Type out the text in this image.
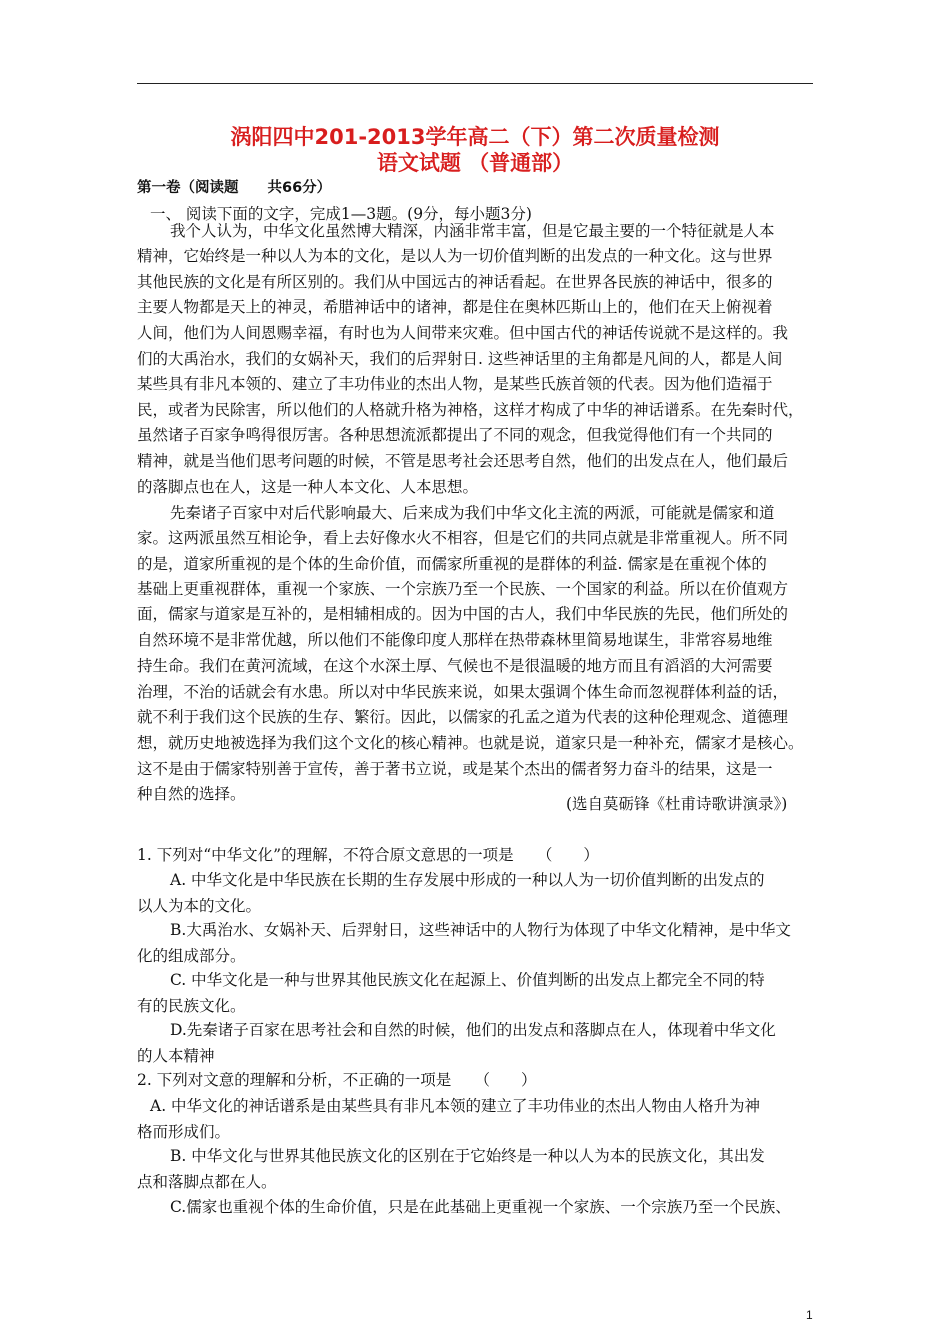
涡阳四中201-2013学年高二（下）第二次质量检测
语文试题 （普通部）
第一卷（阅读题　　共66分）
一、 阅读下面的文字，完成1—3题。(9分，每小题3分)
我个人认为，中华文化虽然博大精深，内涵非常丰富，但是它最主要的一个特征就是人本
精神，它始终是一种以人为本的文化，是以人为一切价值判断的出发点的一种文化。这与世界
其他民族的文化是有所区别的。我们从中国远古的神话看起。在世界各民族的神话中，很多的
主要人物都是天上的神灵，希腊神话中的诸神，都是住在奥林匹斯山上的，他们在天上俯视着
人间，他们为人间恩赐幸福，有时也为人间带来灾难。但中国古代的神话传说就不是这样的。我
们的大禹治水，我们的女娲补天，我们的后羿射日. 这些神话里的主角都是凡间的人，都是人间
某些具有非凡本领的、建立了丰功伟业的杰出人物，是某些氏族首领的代表。因为他们造福于
民，或者为民除害，所以他们的人格就升格为神格，这样才构成了中华的神话谱系。在先秦时代，
虽然诸子百家争鸣得很厉害。各种思想流派都提出了不同的观念，但我觉得他们有一个共同的
精神，就是当他们思考问题的时候，不管是思考社会还思考自然，他们的出发点在人，他们最后
的落脚点也在人，这是一种人本文化、人本思想。
先秦诸子百家中对后代影响最大、后来成为我们中华文化主流的两派，可能就是儒家和道
家。这两派虽然互相论争，看上去好像水火不相容，但是它们的共同点就是非常重视人。所不同
的是，道家所重视的是个体的生命价值，而儒家所重视的是群体的利益. 儒家是在重视个体的
基础上更重视群体，重视一个家族、一个宗族乃至一个民族、一个国家的利益。所以在价值观方
面，儒家与道家是互补的，是相辅相成的。因为中国的古人，我们中华民族的先民，他们所处的
自然环境不是非常优越，所以他们不能像印度人那样在热带森林里简易地谋生，非常容易地维
持生命。我们在黄河流域，在这个水深土厚、气候也不是很温暖的地方而且有滔滔的大河需要
治理，不治的话就会有水患。所以对中华民族来说，如果太强调个体生命而忽视群体利益的话，
就不利于我们这个民族的生存、繁衍。因此，以儒家的孔孟之道为代表的这种伦理观念、道德理
想，就历史地被选择为我们这个文化的核心精神。也就是说，道家只是一种补充，儒家才是核心。
这不是由于儒家特别善于宣传，善于著书立说，或是某个杰出的儒者努力奋斗的结果，这是一
种自然的选择。
(选自莫砺锋《杜甫诗歌讲演录》)
1. 下列对“中华文化”的理解，不符合原文意思的一项是　　（　　）
A. 中华文化是中华民族在长期的生存发展中形成的一种以人为一切价值判断的出发点的
以人为本的文化。
B.大禹治水、女娲补天、后羿射日，这些神话中的人物行为体现了中华文化精神，是中华文
化的组成部分。
C. 中华文化是一种与世界其他民族文化在起源上、价值判断的出发点上都完全不同的特
有的民族文化。
D.先秦诸子百家在思考社会和自然的时候，他们的出发点和落脚点在人，体现着中华文化
的人本精神
2. 下列对文意的理解和分析，不正确的一项是　　（　　）
A. 中华文化的神话谱系是由某些具有非凡本领的建立了丰功伟业的杰出人物由人格升为神
格而形成们。
B. 中华文化与世界其他民族文化的区别在于它始终是一种以人为本的民族文化，其出发
点和落脚点都在人。
C.儒家也重视个体的生命价值，只是在此基础上更重视一个家族、一个宗族乃至一个民族、
1
